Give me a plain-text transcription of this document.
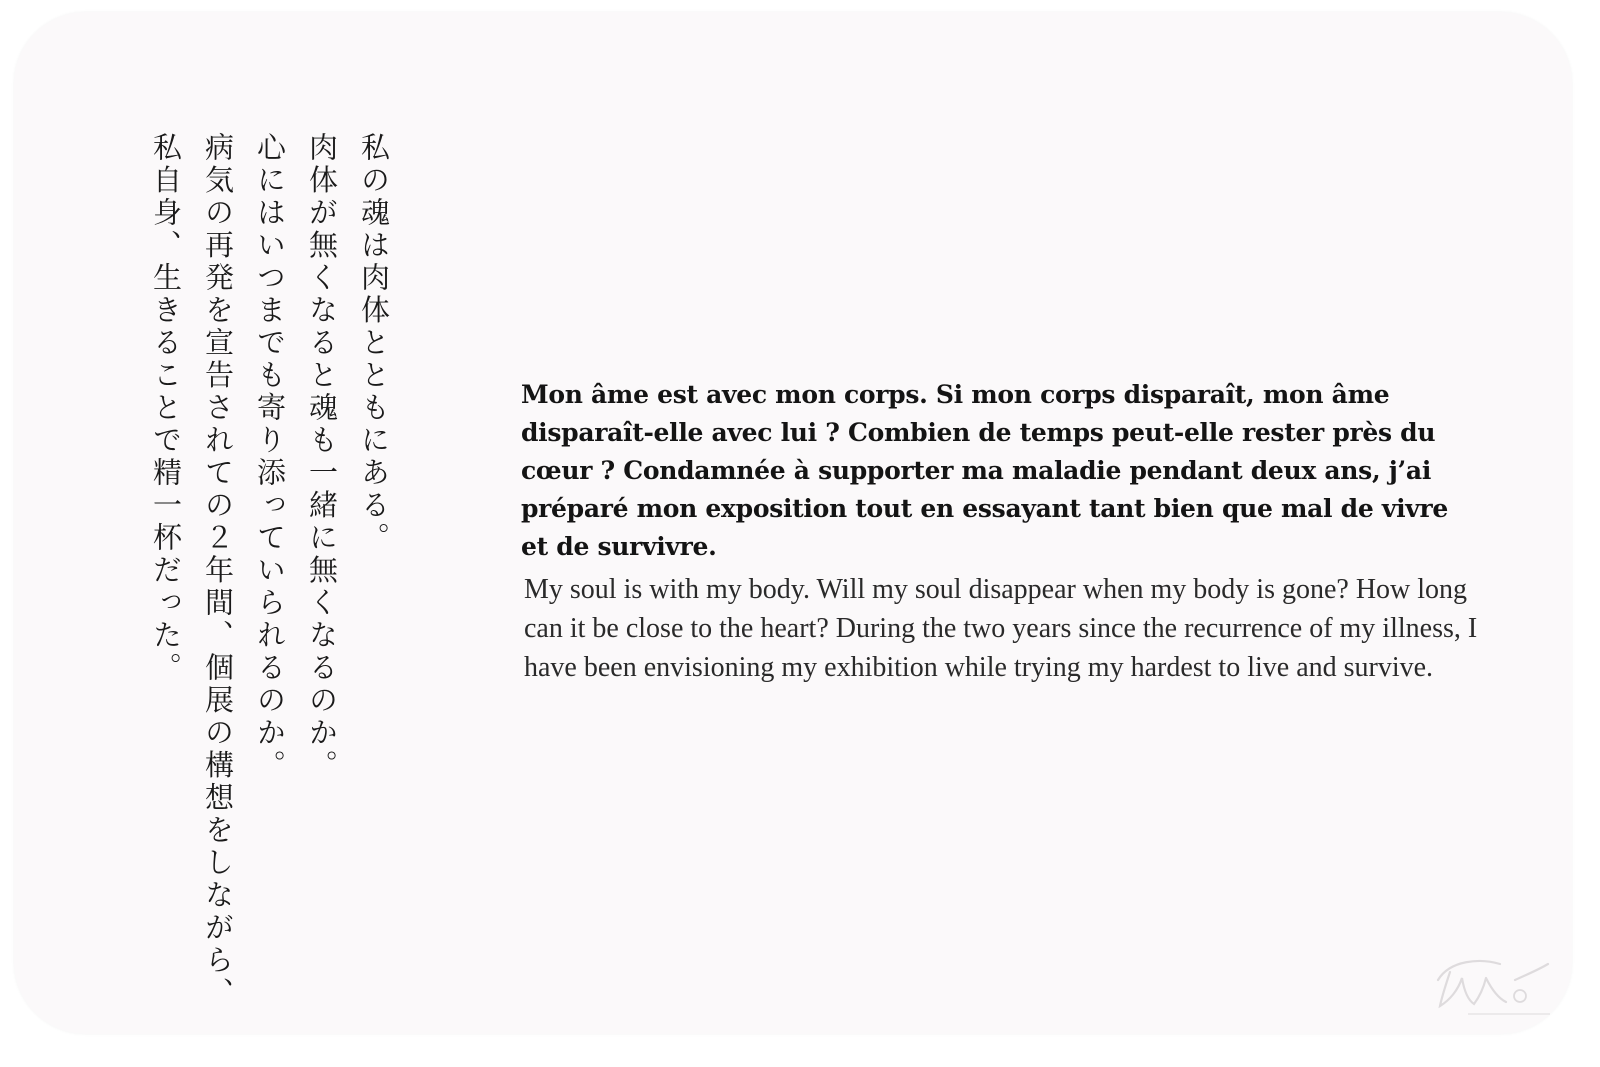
私の魂は肉体とともにある。
肉体が無くなると魂も一緒に無くなるのか。
心にはいつまでも寄り添っていられるのか。
病気の再発を宣告されての２年間、個展の構想をしながら、
私自身、生きることで精一杯だった。	Mon âme est avec mon corps. Si mon corps disparaît, mon âme disparaît-elle avec lui ? Combien de temps peut-elle rester près du cœur ? Condamnée à supporter ma maladie pendant deux ans, j’ai préparé mon exposition tout en essayant tant bien que mal de vivre et de survivre.

My soul is with my body. Will my soul disappear when my body is gone? How long can it be close to the heart? During the two years since the recurrence of my illness, I have been envisioning my exhibition while trying my hardest to live and survive.
